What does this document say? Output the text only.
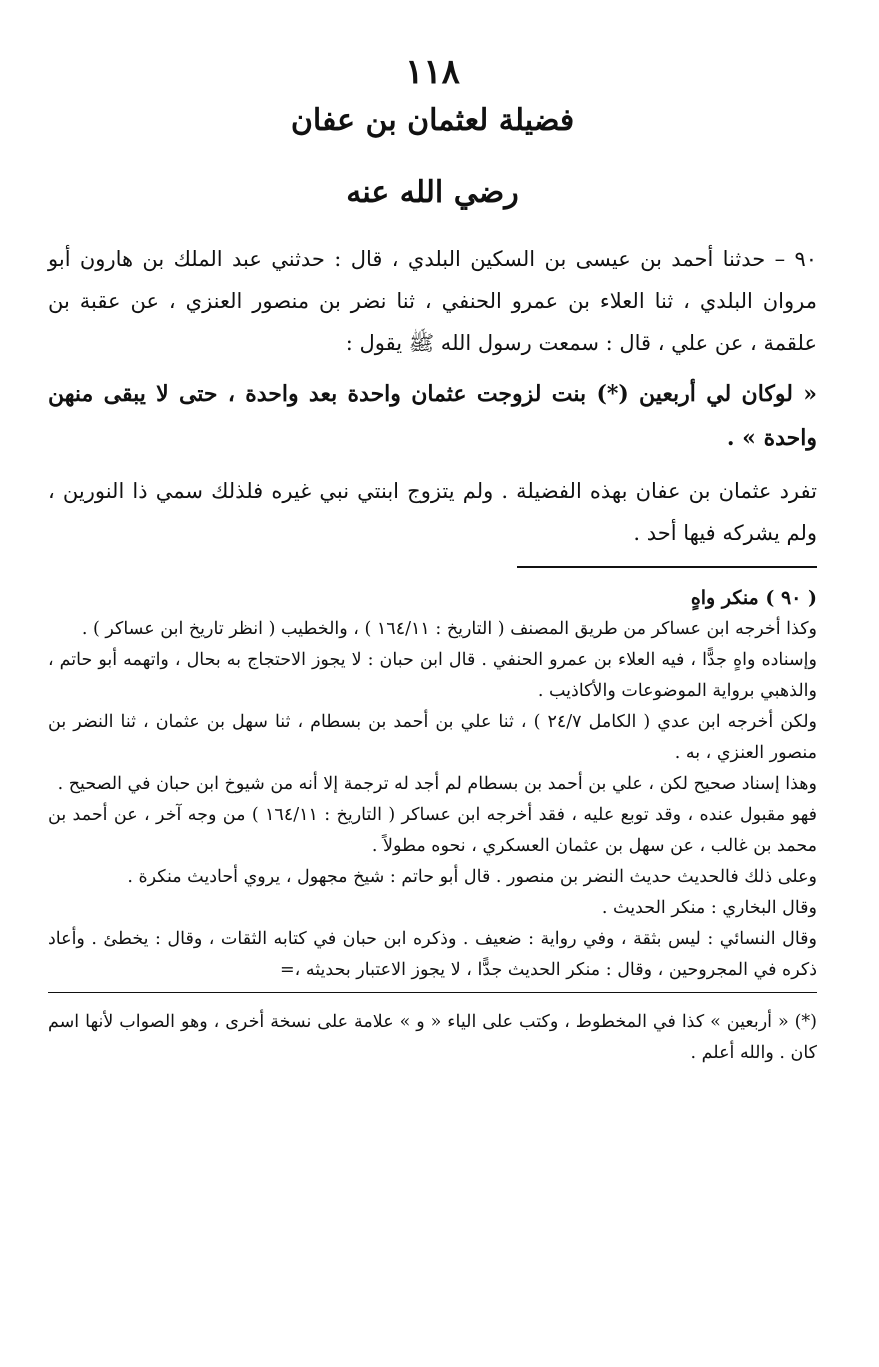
١١٨

فضيلة لعثمان بن عفان
رضي الله عنه

٩٠ – حدثنا أحمد بن عيسى بن السكين البلدي ، قال : حدثني عبد الملك بن هارون أبو مروان البلدي ، ثنا العلاء بن عمرو الحنفي ، ثنا نضر بن منصور العنزي ، عن عقبة بن علقمة ، عن علي ، قال : سمعت رسول الله ﷺ يقول :

« لوكان لي أربعين (*) بنت لزوجت عثمان واحدة بعد واحدة ، حتى لا يبقى منهن واحدة » .

تفرد عثمان بن عفان بهذه الفضيلة . ولم يتزوج ابنتي نبي غيره فلذلك سمي ذا النورين ، ولم يشركه فيها أحد .

( ٩٠ ) منكر واهٍ

وكذا أخرجه ابن عساكر من طريق المصنف ( التاريخ : ١٦٤/١١ ) ، والخطيب ( انظر تاريخ ابن عساكر ) .

وإسناده واهٍ جدًّا ، فيه العلاء بن عمرو الحنفي . قال ابن حبان : لا يجوز الاحتجاج به بحال ، واتهمه أبو حاتم ، والذهبي برواية الموضوعات والأكاذيب .

ولكن أخرجه ابن عدي ( الكامل ٢٤/٧ ) ، ثنا علي بن أحمد بن بسطام ، ثنا سهل بن عثمان ، ثنا النضر بن منصور العنزي ، به .

وهذا إسناد صحيح لكن ، علي بن أحمد بن بسطام لم أجد له ترجمة إلا أنه من شيوخ ابن حبان في الصحيح .

فهو مقبول عنده ، وقد توبع عليه ، فقد أخرجه ابن عساكر ( التاريخ : ١٦٤/١١ ) من وجه آخر ، عن أحمد بن محمد بن غالب ، عن سهل بن عثمان العسكري ، نحوه مطولاً .

وعلى ذلك فالحديث حديث النضر بن منصور . قال أبو حاتم : شيخ مجهول ، يروي أحاديث منكرة .

وقال البخاري : منكر الحديث .

وقال النسائي : ليس بثقة ، وفي رواية : ضعيف . وذكره ابن حبان في كتابه الثقات ، وقال : يخطئ . وأعاد ذكره في المجروحين ، وقال : منكر الحديث جدًّا ، لا يجوز الاعتبار بحديثه ،=

(*) « أربعين » كذا في المخطوط ، وكتب على الياء « و » علامة على نسخة أخرى ، وهو الصواب لأنها اسم كان . والله أعلم .
